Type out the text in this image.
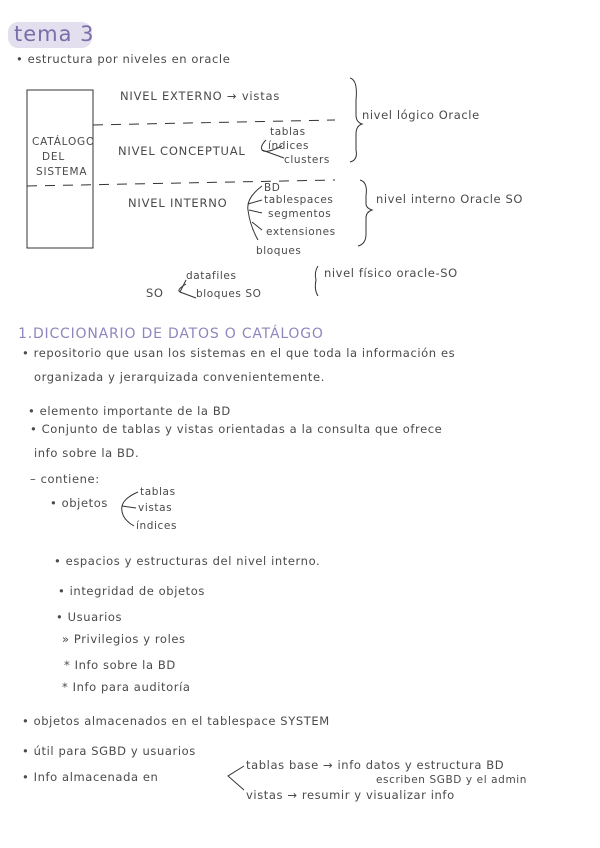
tema 3
• estructura por niveles en oracle
CATÁLOGO
DEL
SISTEMA
NIVEL EXTERNO → vistas
NIVEL CONCEPTUAL
tablas
índices
clusters
NIVEL INTERNO
BD
tablespaces
segmentos
extensiones
bloques
nivel lógico Oracle
nivel interno Oracle SO
SO
datafiles
bloques SO
nivel físico oracle-SO
1.DICCIONARIO DE DATOS O CATÁLOGO
• repositorio que usan los sistemas en el que toda la información es
organizada y jerarquizada convenientemente.
• elemento importante de la BD
• Conjunto de tablas y vistas orientadas a la consulta que ofrece
info sobre la BD.
– contiene:
• objetos
tablas
vistas
índices
• espacios y estructuras del nivel interno.
• integridad de objetos
• Usuarios
» Privilegios y roles
* Info sobre la BD
* Info para auditoría
• objetos almacenados en el tablespace SYSTEM
• útil para SGBD y usuarios
• Info almacenada en
tablas base → info datos y estructura BD
escriben SGBD y el admin
vistas → resumir y visualizar info
